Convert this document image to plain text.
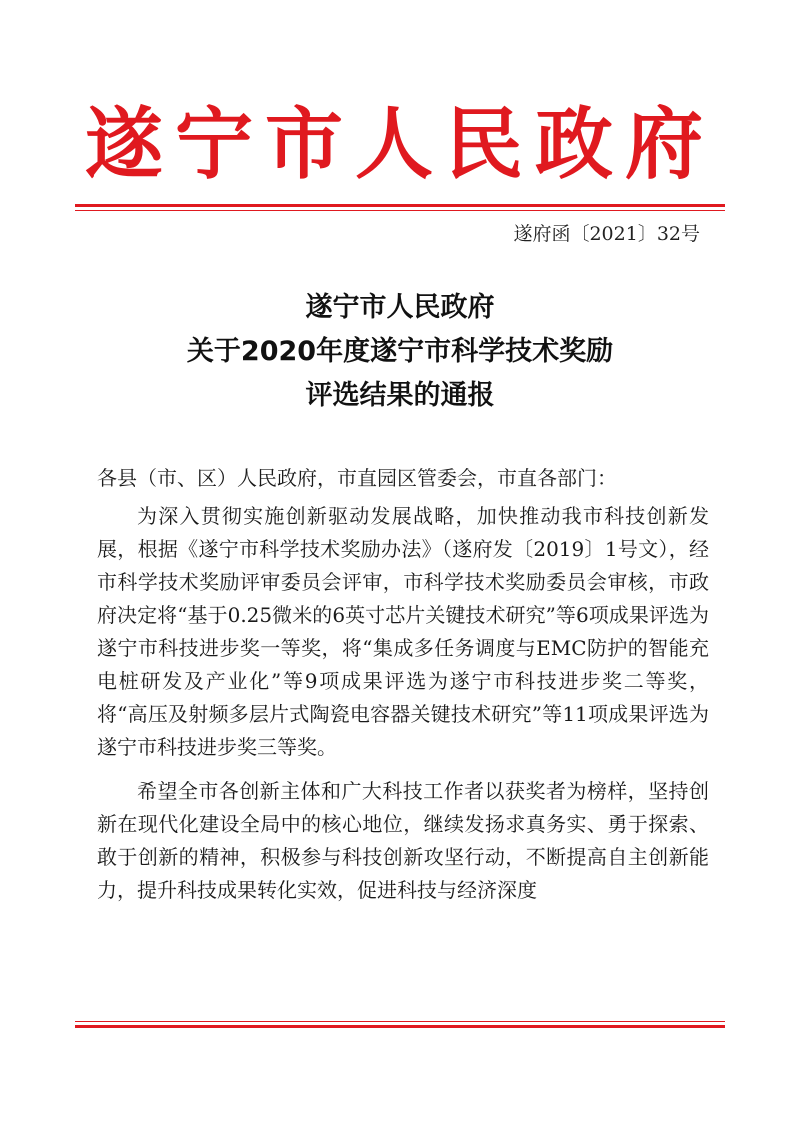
遂宁市人民政府
遂府函〔2021〕32号
遂宁市人民政府
关于2020年度遂宁市科学技术奖励
评选结果的通报

各县（市、区）人民政府，市直园区管委会，市直各部门：

为深入贯彻实施创新驱动发展战略，加快推动我市科技创新发展，根据《遂宁市科学技术奖励办法》（遂府发〔2019〕1号文），经市科学技术奖励评审委员会评审，市科学技术奖励委员会审核，市政府决定将“基于0.25微米的6英寸芯片关键技术研究”等6项成果评选为遂宁市科技进步奖一等奖，将“集成多任务调度与EMC防护的智能充电桩研发及产业化”等9项成果评选为遂宁市科技进步奖二等奖，将“高压及射频多层片式陶瓷电容器关键技术研究”等11项成果评选为遂宁市科技进步奖三等奖。

希望全市各创新主体和广大科技工作者以获奖者为榜样，坚持创新在现代化建设全局中的核心地位，继续发扬求真务实、勇于探索、敢于创新的精神，积极参与科技创新攻坚行动，不断提高自主创新能力，提升科技成果转化实效，促进科技与经济深度
